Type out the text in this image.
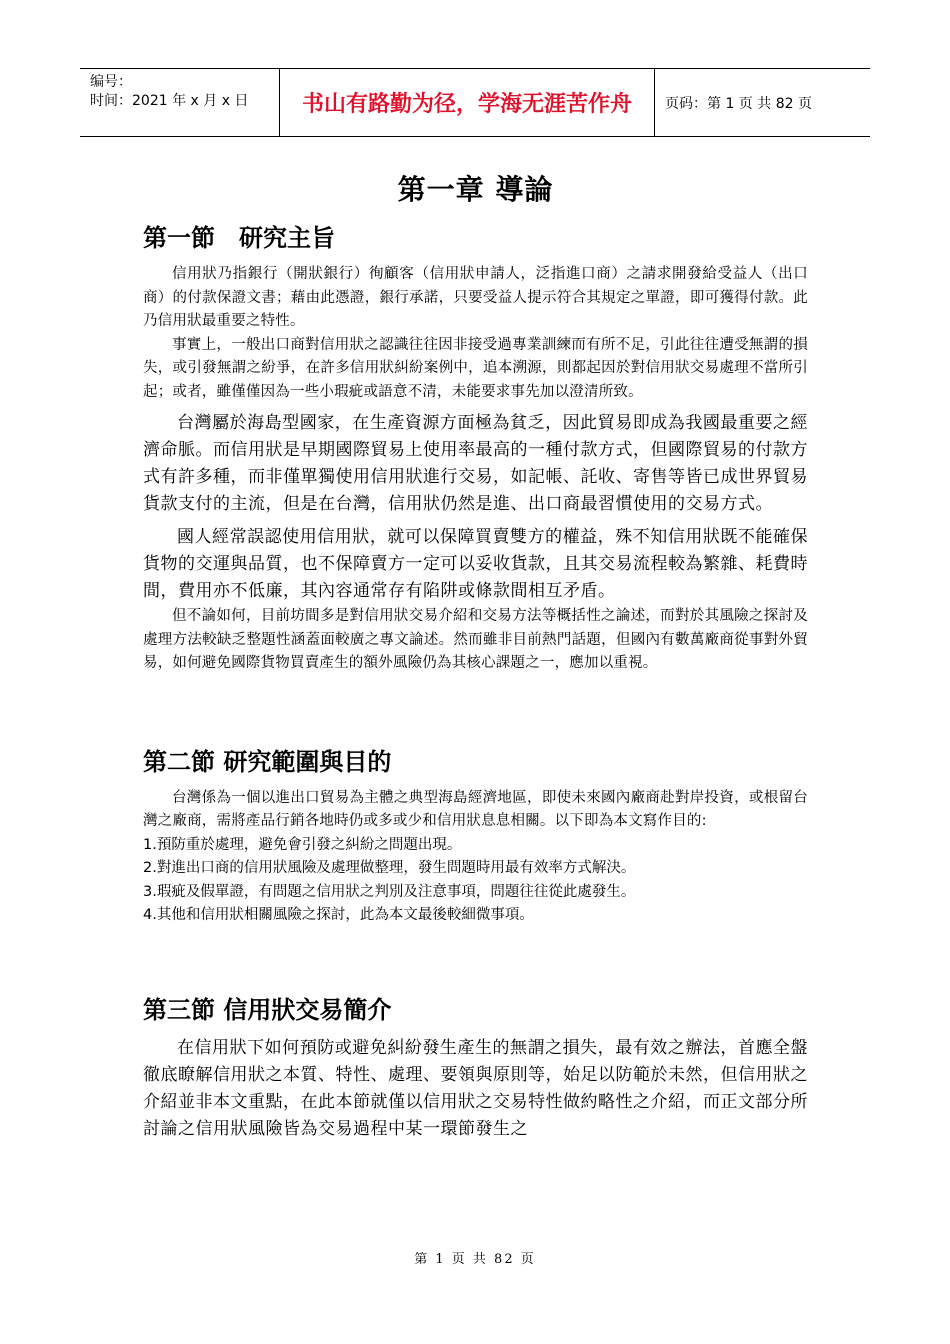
编号：
时间：2021 年 x 月 x 日	书山有路勤为径，学海无涯苦作舟	页码：第 1 页 共 82 页
第一章 導論
第一節　研究主旨

信用狀乃指銀行（開狀銀行）徇顧客（信用狀申請人，泛指進口商）之請求開發給受益人（出口商）的付款保證文書；藉由此憑證，銀行承諾，只要受益人提示符合其規定之單證，即可獲得付款。此乃信用狀最重要之特性。

事實上，一般出口商對信用狀之認識往往因非接受過專業訓練而有所不足，引此往往遭受無謂的損失，或引發無謂之紛爭，在許多信用狀糾紛案例中，追本溯源，則都起因於對信用狀交易處理不當所引起；或者，雖僅僅因為一些小瑕疵或語意不清，未能要求事先加以澄清所致。

台灣屬於海島型國家，在生產資源方面極為貧乏，因此貿易即成為我國最重要之經濟命脈。而信用狀是早期國際貿易上使用率最高的一種付款方式，但國際貿易的付款方式有許多種，而非僅單獨使用信用狀進行交易，如記帳、託收、寄售等皆已成世界貿易貨款支付的主流，但是在台灣，信用狀仍然是進、出口商最習慣使用的交易方式。

國人經常誤認使用信用狀，就可以保障買賣雙方的權益，殊不知信用狀既不能確保貨物的交運與品質，也不保障賣方一定可以妥收貨款，且其交易流程較為繁雜、耗費時間，費用亦不低廉，其內容通常存有陷阱或條款間相互矛盾。

但不論如何，目前坊間多是對信用狀交易介紹和交易方法等概括性之論述，而對於其風險之探討及處理方法較缺乏整題性涵蓋面較廣之專文論述。然而雖非目前熱門話題，但國內有數萬廠商從事對外貿易，如何避免國際貨物買賣產生的額外風險仍為其核心課題之一，應加以重視。

第二節 研究範圍與目的

台灣係為一個以進出口貿易為主體之典型海島經濟地區，即使未來國內廠商赴對岸投資，或根留台灣之廠商，需將產品行銷各地時仍或多或少和信用狀息息相關。以下即為本文寫作目的:

1.預防重於處理，避免會引發之糾紛之問題出現。

2.對進出口商的信用狀風險及處理做整理，發生問題時用最有效率方式解決。

3.瑕疵及假單證，有問題之信用狀之判別及注意事項，問題往往從此處發生。

4.其他和信用狀相關風險之探討，此為本文最後較細微事項。

第三節 信用狀交易簡介

在信用狀下如何預防或避免糾紛發生產生的無謂之損失，最有效之辦法，首應全盤徹底瞭解信用狀之本質、特性、處理、要領與原則等，始足以防範於未然，但信用狀之介紹並非本文重點，在此本節就僅以信用狀之交易特性做約略性之介紹，而正文部分所討論之信用狀風險皆為交易過程中某一環節發生之

第 1 页 共 82 页
